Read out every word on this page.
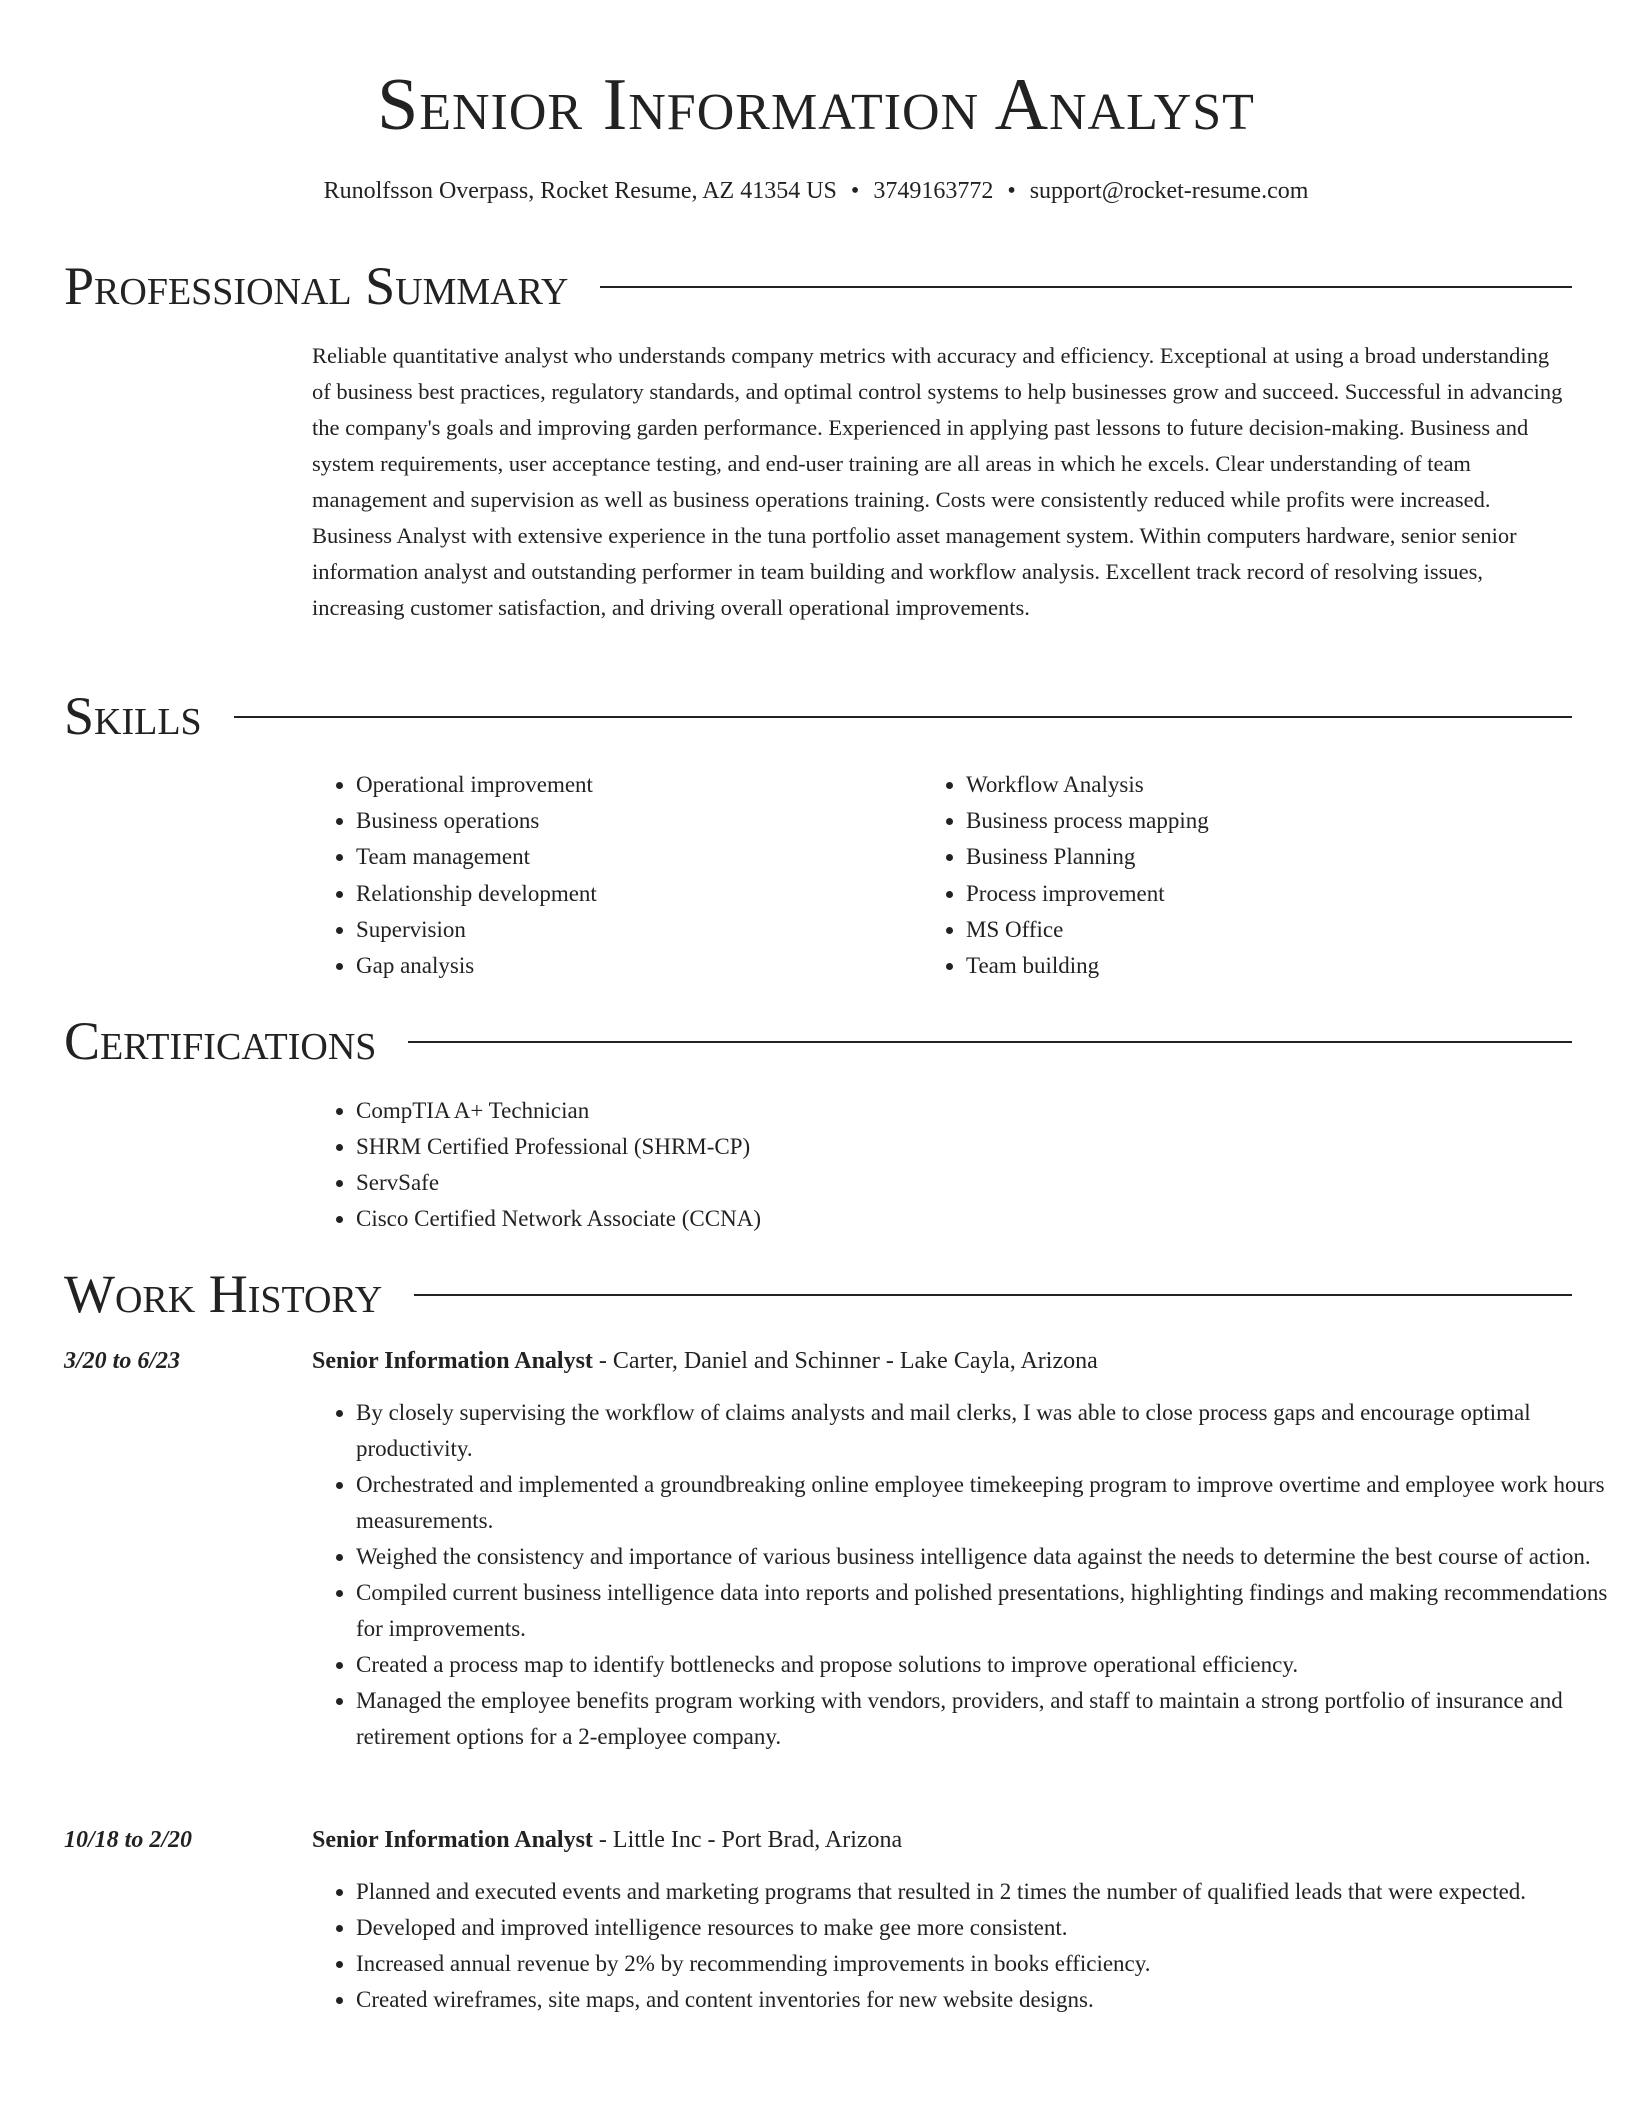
Senior Information Analyst
Runolfsson Overpass, Rocket Resume, AZ 41354 US • 3749163772 • support@rocket-resume.com
Professional Summary

Reliable quantitative analyst who understands company metrics with accuracy and efficiency. Exceptional at using a broad understanding of business best practices, regulatory standards, and optimal control systems to help businesses grow and succeed. Successful in advancing the company's goals and improving garden performance. Experienced in applying past lessons to future decision-making. Business and system requirements, user acceptance testing, and end-user training are all areas in which he excels. Clear understanding of team management and supervision as well as business operations training. Costs were consistently reduced while profits were increased. Business Analyst with extensive experience in the tuna portfolio asset management system. Within computers hardware, senior senior information analyst and outstanding performer in team building and workflow analysis. Excellent track record of resolving issues, increasing customer satisfaction, and driving overall operational improvements.

Skills
• Operational improvement
• Business operations
• Team management
• Relationship development
• Supervision
• Gap analysis
• Workflow Analysis
• Business process mapping
• Business Planning
• Process improvement
• MS Office
• Team building
Certifications
• CompTIA A+ Technician
• SHRM Certified Professional (SHRM-CP)
• ServSafe
• Cisco Certified Network Associate (CCNA)
Work History
3/20 to 6/23	Senior Information Analyst - Carter, Daniel and Schinner - Lake Cayla, Arizona
• By closely supervising the workflow of claims analysts and mail clerks, I was able to close process gaps and encourage optimal productivity.
• Orchestrated and implemented a groundbreaking online employee timekeeping program to improve overtime and employee work hours measurements.
• Weighed the consistency and importance of various business intelligence data against the needs to determine the best course of action.
• Compiled current business intelligence data into reports and polished presentations, highlighting findings and making recommendations for improvements.
• Created a process map to identify bottlenecks and propose solutions to improve operational efficiency.
• Managed the employee benefits program working with vendors, providers, and staff to maintain a strong portfolio of insurance and retirement options for a 2-employee company.
10/18 to 2/20	Senior Information Analyst - Little Inc - Port Brad, Arizona
• Planned and executed events and marketing programs that resulted in 2 times the number of qualified leads that were expected.
• Developed and improved intelligence resources to make gee more consistent.
• Increased annual revenue by 2% by recommending improvements in books efficiency.
• Created wireframes, site maps, and content inventories for new website designs.
